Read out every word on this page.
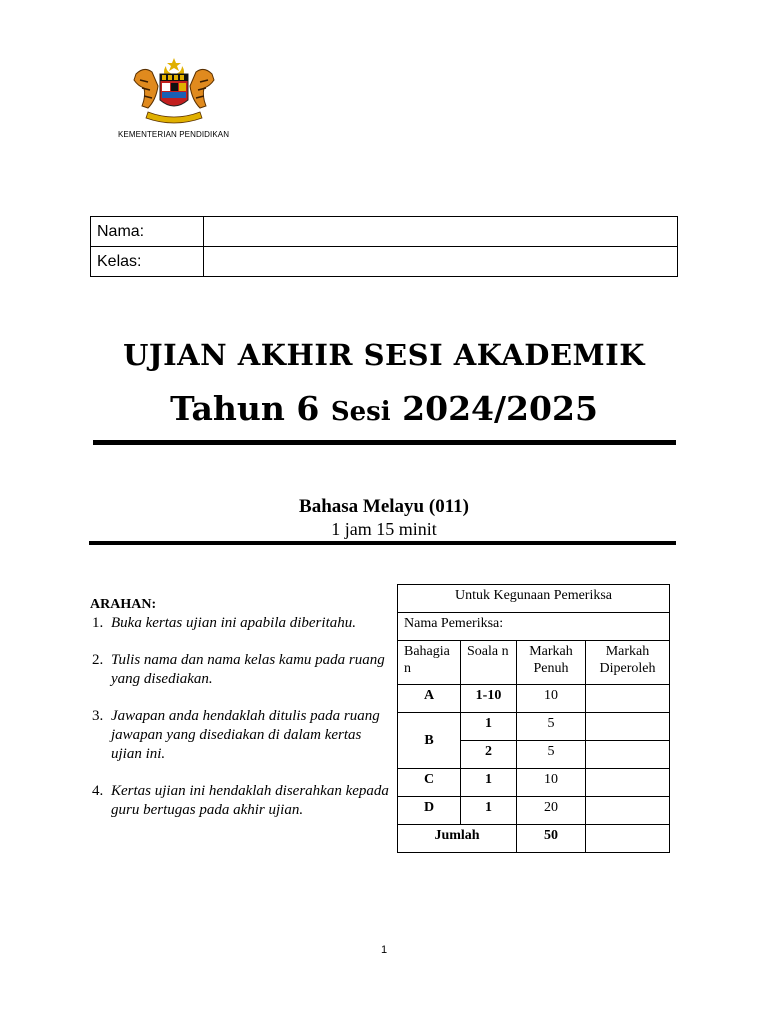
KEMENTERIAN PENDIDIKAN
Nama:	
Kelas:	
UJIAN AKHIR SESI AKADEMIK
Tahun 6 Sesi 2024/2025
Bahasa Melayu (011)
1 jam 15 minit
ARAHAN:
1. Buka kertas ujian ini apabila diberitahu.
2. Tulis nama dan nama kelas kamu pada ruang yang disediakan.
3. Jawapan anda hendaklah ditulis pada ruang jawapan yang disediakan di dalam kertas ujian ini.
4. Kertas ujian ini hendaklah diserahkan kepada guru bertugas pada akhir ujian.
Untuk Kegunaan Pemeriksa			
Nama Pemeriksa:			
Bahagia n	Soala n	Markah Penuh	Markah Diperoleh
A	1-10	10	
B	1	5	
	2	5	
C	1	10	
D	1	20	
Jumlah		50	
1
